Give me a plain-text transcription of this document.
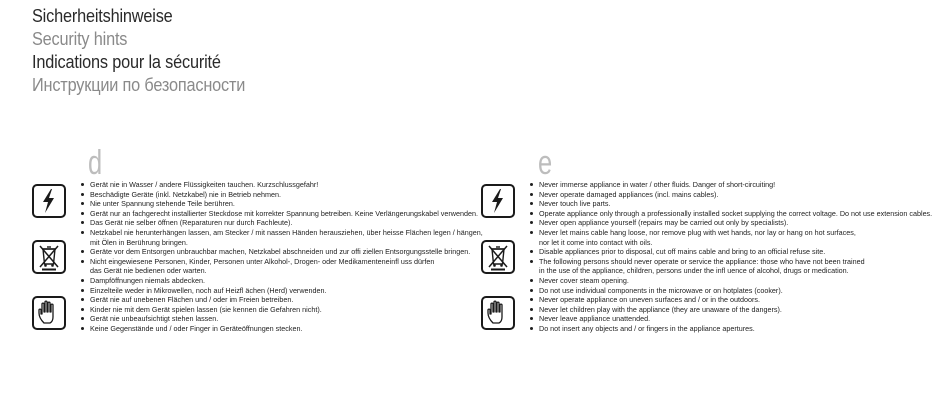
Sicherheitshinweise
Security hints
Indications pour la sécurité
Инструкции по безопасности
d
Gerät nie in Wasser / andere Flüssigkeiten tauchen. Kurzschlussgefahr!
Beschädigte Geräte (inkl. Netzkabel) nie in Betrieb nehmen.
Nie unter Spannung stehende Teile berühren.
Gerät nur an fachgerecht installierter Steckdose mit korrekter Spannung betreiben. Keine Verlängerungskabel verwenden.
Das Gerät nie selber öffnen (Reparaturen nur durch Fachleute).
Netzkabel nie herunterhängen lassen, am Stecker / mit nassen Händen herausziehen, über heisse Flächen legen / hängen,
mit Ölen in Berührung bringen.
Geräte vor dem Entsorgen unbrauchbar machen, Netzkabel abschneiden und zur offi ziellen Entsorgungsstelle bringen.
Nicht eingewiesene Personen, Kinder, Personen unter Alkohol-, Drogen- oder Medikamenteneinfl uss dürfen
das Gerät nie bedienen oder warten.
Dampföffnungen niemals abdecken.
Einzelteile weder in Mikrowellen, noch auf Heizfl ächen (Herd) verwenden.
Gerät nie auf unebenen Flächen und / oder im Freien betreiben.
Kinder nie mit dem Gerät spielen lassen (sie kennen die Gefahren nicht).
Gerät nie unbeaufsichtigt stehen lassen.
Keine Gegenstände und / oder Finger in Geräteöffnungen stecken.
e
Never immerse appliance in water / other fluids. Danger of short-circuiting!
Never operate damaged appliances (incl. mains cables).
Never touch live parts.
Operate appliance only through a professionally installed socket supplying the correct voltage. Do not use extension cables.
Never open appliance yourself (repairs may be carried out only by specialists).
Never let mains cable hang loose, nor remove plug with wet hands, nor lay or hang on hot surfaces,
nor let it come into contact with oils.
Disable appliances prior to disposal, cut off mains cable and bring to an official refuse site.
The following persons should never operate or service the appliance: those who have not been trained
in the use of the appliance, children, persons under the infl uence of alcohol, drugs or medication.
Never cover steam opening.
Do not use individual components in the microwave or on hotplates (cooker).
Never operate appliance on uneven surfaces and / or in the outdoors.
Never let children play with the appliance (they are unaware of the dangers).
Never leave appliance unattended.
Do not insert any objects and / or fingers in the appliance apertures.
